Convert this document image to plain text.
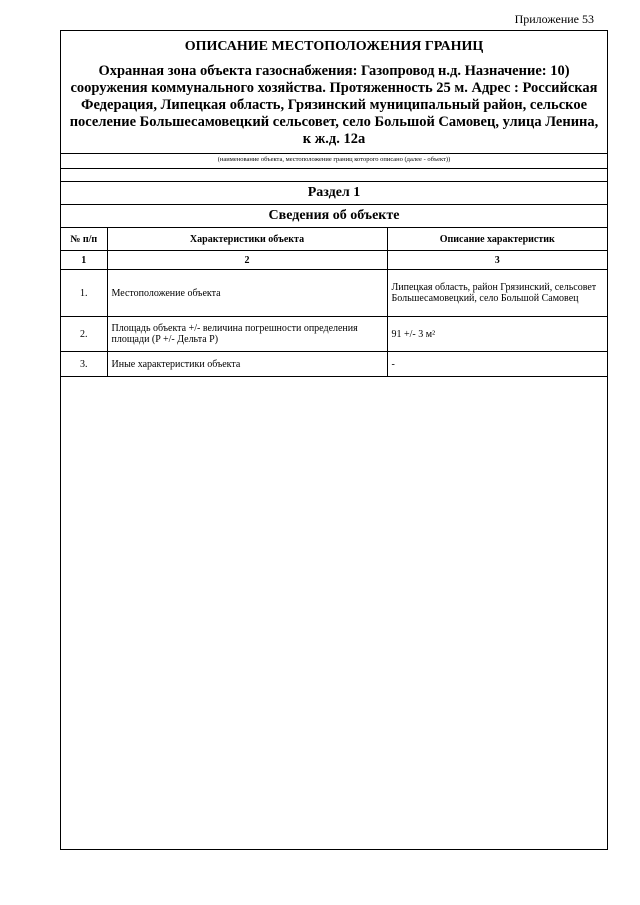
Приложение 53
ОПИСАНИЕ МЕСТОПОЛОЖЕНИЯ ГРАНИЦ
Охранная зона объекта газоснабжения: Газопровод н.д. Назначение: 10) сооружения коммунального хозяйства. Протяженность 25 м. Адрес : Российская Федерация, Липецкая область, Грязинский муниципальный район, сельское поселение Большесамовецкий сельсовет, село Большой Самовец, улица Ленина, к ж.д. 12а
(наименование объекта, местоположение границ которого описано (далее - объект))
Раздел 1
Сведения об объекте
№ п/п	Характеристики объекта	Описание характеристик
1	2	3
1.	Местоположение объекта	Липецкая область, район Грязинский, сельсовет Большесамовецкий, село Большой Самовец
2.	Площадь объекта +/- величина погрешности определения площади (P +/- Дельта P)	91 +/- 3 м²
3.	Иные характеристики объекта	-
